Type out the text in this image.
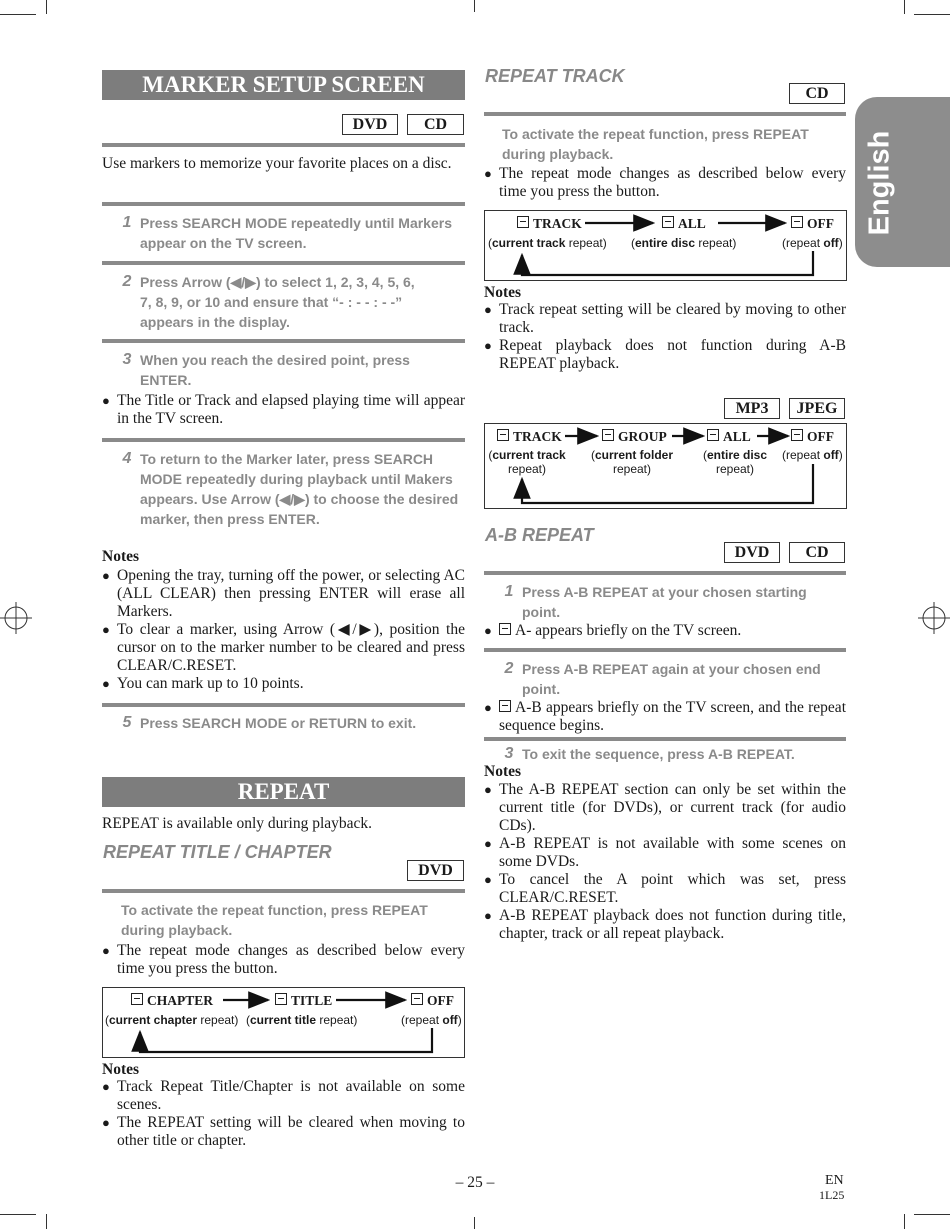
English
MARKER SETUP SCREEN
DVD	CD
Use markers to memorize your favorite places on a disc.
1 Press SEARCH MODE repeatedly until Markers appear on the TV screen.
2 Press Arrow (◀/▶) to select 1, 2, 3, 4, 5, 6,
7, 8, 9, or 10 and ensure that “- : - - : - -”
appears in the display.
3 When you reach the desired point, press ENTER.
● The Title or Track and elapsed playing time will appear in the TV screen.
4 To return to the Marker later, press SEARCH MODE repeatedly during playback until Makers appears. Use Arrow (◀/▶) to choose the desired marker, then press ENTER.
Notes
● Opening the tray, turning off the power, or selecting AC (ALL CLEAR) then pressing ENTER will erase all Markers.
● To clear a marker, using Arrow (◀/▶), position the cursor on to the marker number to be cleared and press CLEAR/C.RESET.
● You can mark up to 10 points.
5 Press SEARCH MODE or RETURN to exit.
REPEAT
REPEAT is available only during playback.
REPEAT TITLE / CHAPTER
DVD
To activate the repeat function, press REPEAT during playback.
● The repeat mode changes as described below every time you press the button.
CHAPTER	TITLE	OFF
(current chapter repeat) (current title repeat)	(repeat off)
Notes
● Track Repeat Title/Chapter is not available on some scenes.
● The REPEAT setting will be cleared when moving to other title or chapter.
REPEAT TRACK
CD
To activate the repeat function, press REPEAT during playback.
● The repeat mode changes as described below every time you press the button.
TRACK	ALL	OFF
(current track repeat) (entire disc repeat)	(repeat off)
Notes
● Track repeat setting will be cleared by moving to other track.
● Repeat playback does not function during A-B REPEAT playback.
MP3	JPEG
TRACK	GROUP	ALL	OFF
(current track
repeat)
(current folder
repeat)
(entire disc
repeat)
(repeat off)
A-B REPEAT
DVD	CD
1 Press A-B REPEAT at your chosen starting point.
●	A- appears briefly on the TV screen.
2 Press A-B REPEAT again at your chosen end point.
●	A-B appears briefly on the TV screen, and the repeat sequence begins.
3 To exit the sequence, press A-B REPEAT.
Notes
● The A-B REPEAT section can only be set within the current title (for DVDs), or current track (for audio CDs).
● A-B REPEAT is not available with some scenes on some DVDs.
● To cancel the A point which was set, press CLEAR/C.RESET.
● A-B REPEAT playback does not function during title, chapter, track or all repeat playback.
– 25 –	EN
1L25
